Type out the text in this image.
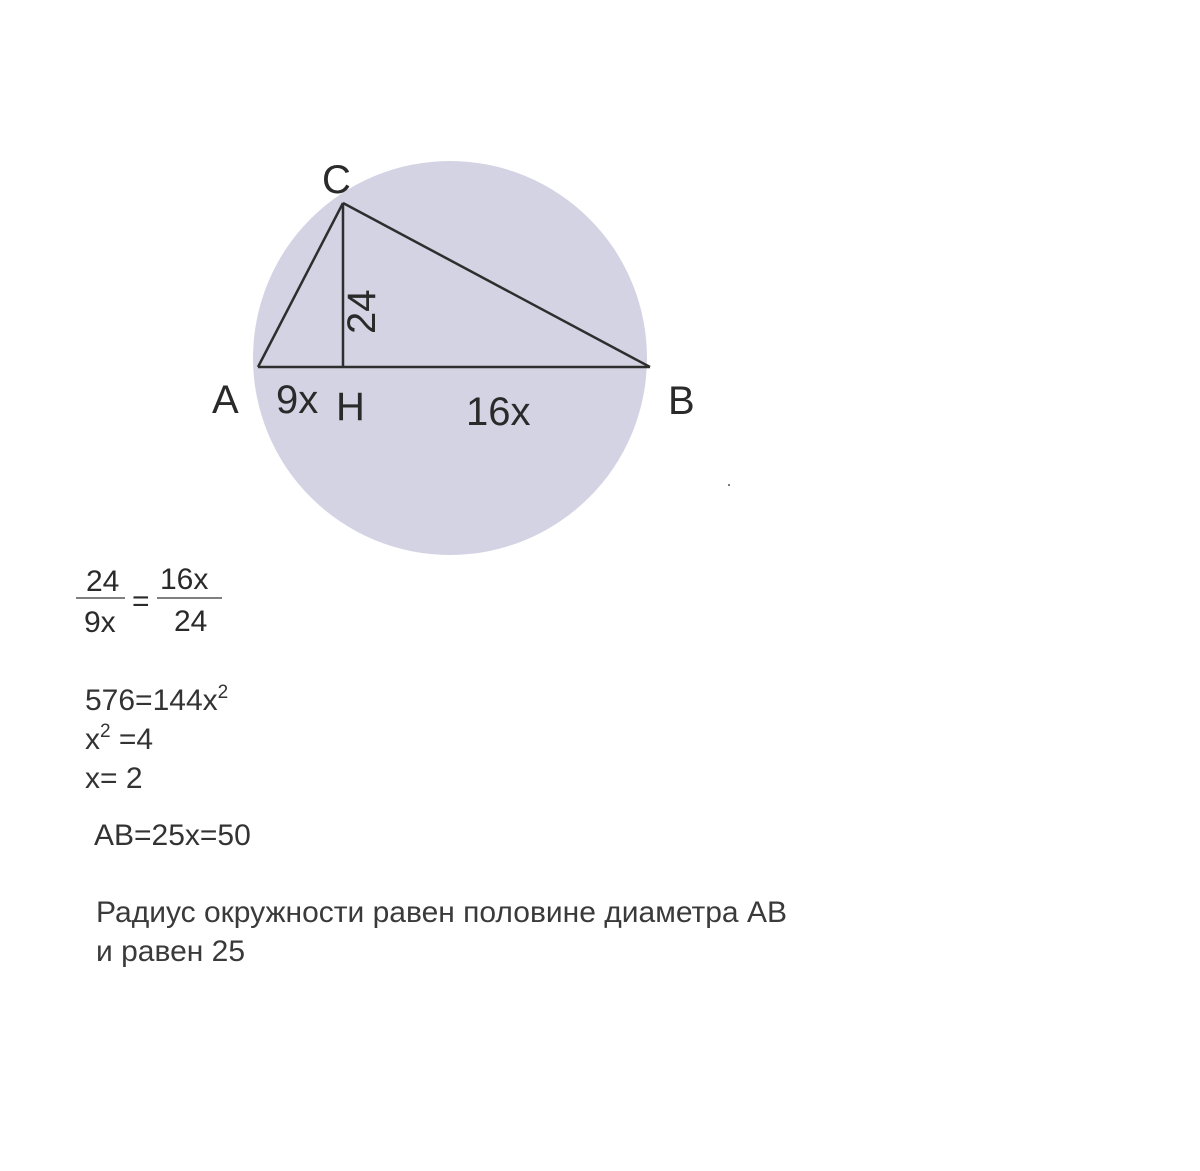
C
A	B
H
9x	16x
24
24
9x
=
16x
24
$576=144x^2$
$x^2 =4$
x= 2
AB=25x=50
Радиус окружности равен половине диаметра AB
и равен 25
